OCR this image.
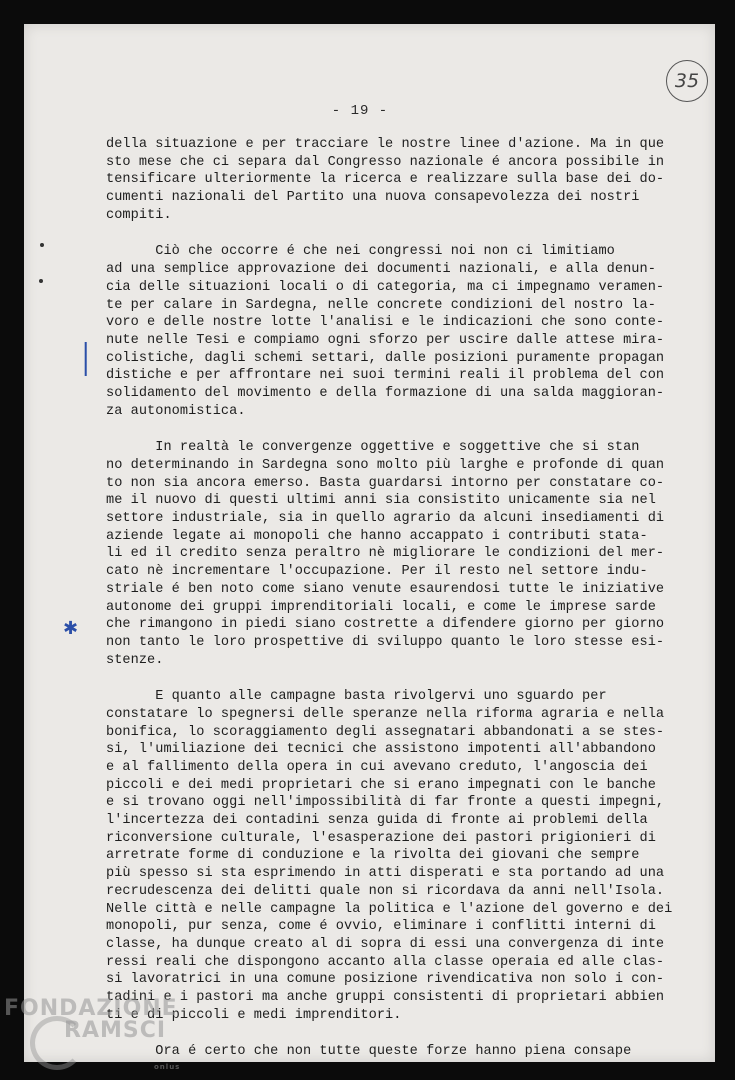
35
- 19 -
||
✱
della situazione e per tracciare le nostre linee d'azione. Ma in que
sto mese che ci separa dal Congresso nazionale é ancora possibile in
tensificare ulteriormente la ricerca e realizzare sulla base dei do-
cumenti nazionali del Partito una nuova consapevolezza dei nostri
compiti.
Ciò che occorre é che nei congressi noi non ci limitiamo
ad una semplice approvazione dei documenti nazionali, e alla denun-
cia delle situazioni locali o di categoria, ma ci impegnamo veramen-
te per calare in Sardegna, nelle concrete condizioni del nostro la-
voro e delle nostre lotte l'analisi e le indicazioni che sono conte-
nute nelle Tesi e compiamo ogni sforzo per uscire dalle attese mira-
colistiche, dagli schemi settari, dalle posizioni puramente propagan
distiche e per affrontare nei suoi termini reali il problema del con
solidamento del movimento e della formazione di una salda maggioran-
za autonomistica.
In realtà le convergenze oggettive e soggettive che si stan
no determinando in Sardegna sono molto più larghe e profonde di quan
to non sia ancora emerso. Basta guardarsi intorno per constatare co-
me il nuovo di questi ultimi anni sia consistito unicamente sia nel
settore industriale, sia in quello agrario da alcuni insediamenti di
aziende legate ai monopoli che hanno accappato i contributi statа-
li ed il credito senza peraltro nè migliorare le condizioni del mer-
cato nè incrementare l'occupazione. Per il resto nel settore indu-
striale é ben noto come siano venute esaurendosi tutte le iniziative
autonome dei gruppi imprenditoriali locali, e come le imprese sarde
che rimangono in piedi siano costrette a difendere giorno per giorno
non tanto le loro prospettive di sviluppo quanto le loro stesse esi-
stenze.
E quanto alle campagne basta rivolgervi uno sguardo per
constatare lo spegnersi delle speranze nella riforma agraria e nella
bonifica, lo scoraggiamento degli assegnatari abbandonati a se stes-
si, l'umiliazione dei tecnici che assistono impotenti all'abbandono
e al fallimento della opera in cui avevano creduto, l'angoscia dei
piccoli e dei medi proprietari che si erano impegnati con le banche
e si trovano oggi nell'impossibilità di far fronte a questi impegni,
l'incertezza dei contadini senza guida di fronte ai problemi della
riconversione culturale, l'esasperazione dei pastori prigionieri di
arretrate forme di conduzione e la rivolta dei giovani che sempre
più spesso si sta esprimendo in atti disperati e sta portando ad una
recrudescenza dei delitti quale non si ricordava da anni nell'Isola.
Nelle città e nelle campagne la politica e l'azione del governo e dei
monopoli, pur senza, come é ovvio, eliminare i conflitti interni di
classe, ha dunque creato al di sopra di essi una convergenza di inte
ressi reali che dispongono accanto alla classe operaia ed alle clas-
si lavoratrici in una comune posizione rivendicativa non solo i con-
tadini e i pastori ma anche gruppi consistenti di proprietari abbien
ti e di piccoli e medi imprenditori.
Ora é certo che non tutte queste forze hanno piena consape
FONDAZIONE
RAMSCI
onlus
